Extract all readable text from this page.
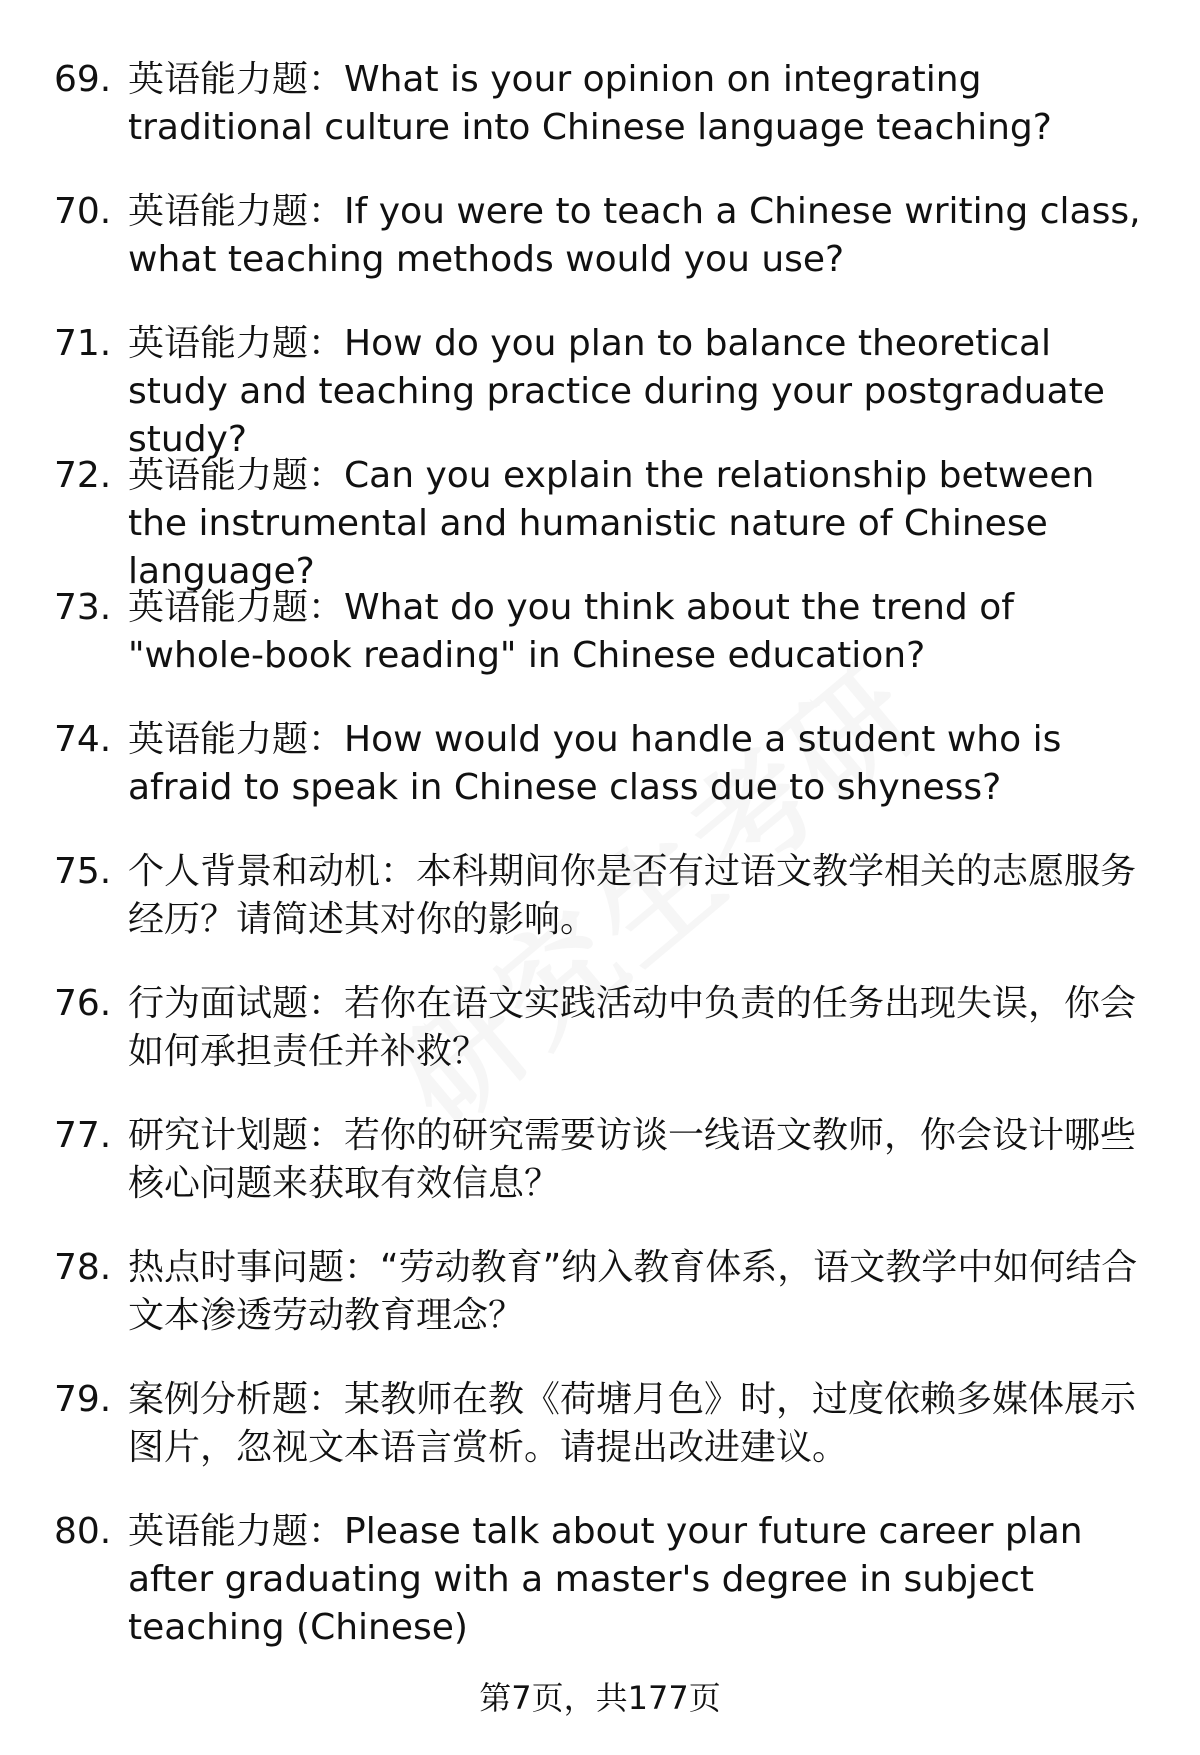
69. 英语能力题：What is your opinion on integrating traditional culture into Chinese language teaching?
70. 英语能力题：If you were to teach a Chinese writing class, what teaching methods would you use?
71. 英语能力题：How do you plan to balance theoretical study and teaching practice during your postgraduate study?
72. 英语能力题：Can you explain the relationship between the instrumental and humanistic nature of Chinese language?
73. 英语能力题：What do you think about the trend of "whole-book reading" in Chinese education?
74. 英语能力题：How would you handle a student who is afraid to speak in Chinese class due to shyness?
75. 个人背景和动机：本科期间你是否有过语文教学相关的志愿服务经历？请简述其对你的影响。
76. 行为面试题：若你在语文实践活动中负责的任务出现失误，你会如何承担责任并补救？
77. 研究计划题：若你的研究需要访谈一线语文教师，你会设计哪些核心问题来获取有效信息？
78. 热点时事问题：“劳动教育”纳入教育体系，语文教学中如何结合文本渗透劳动教育理念？
79. 案例分析题：某教师在教《荷塘月色》时，过度依赖多媒体展示图片，忽视文本语言赏析。请提出改进建议。
80. 英语能力题：Please talk about your future career plan after graduating with a master's degree in subject teaching (Chinese)
第7页，共177页
